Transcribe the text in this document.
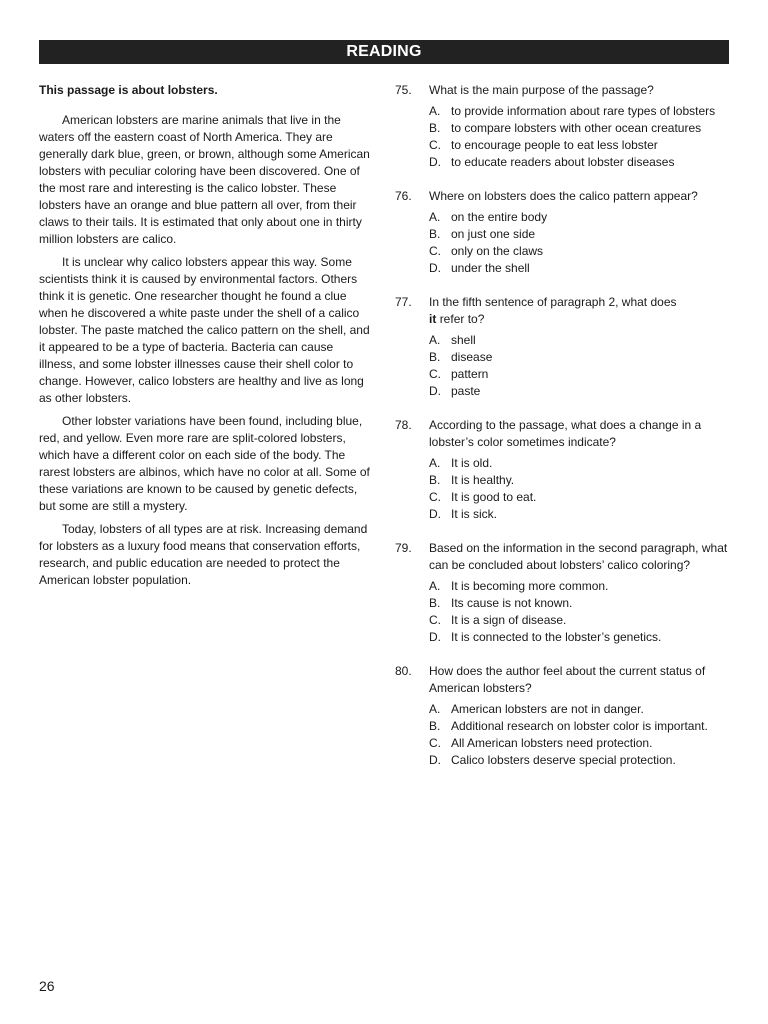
READING

This passage is about lobsters.

American lobsters are marine animals that live in the waters off the eastern coast of North America. They are generally dark blue, green, or brown, although some American lobsters with peculiar coloring have been discovered. One of the most rare and interesting is the calico lobster. These lobsters have an orange and blue pattern all over, from their claws to their tails. It is estimated that only about one in thirty million lobsters are calico.

It is unclear why calico lobsters appear this way. Some scientists think it is caused by environmental factors. Others think it is genetic. One researcher thought he found a clue when he discovered a white paste under the shell of a calico lobster. The paste matched the calico pattern on the shell, and it appeared to be a type of bacteria. Bacteria can cause illness, and some lobster illnesses cause their shell color to change. However, calico lobsters are healthy and live as long as other lobsters.

Other lobster variations have been found, including blue, red, and yellow. Even more rare are split-colored lobsters, which have a different color on each side of the body. The rarest lobsters are albinos, which have no color at all. Some of these variations are known to be caused by genetic defects, but some are still a mystery.

Today, lobsters of all types are at risk. Increasing demand for lobsters as a luxury food means that conservation efforts, research, and public education are needed to protect the American lobster population.

75.	What is the main purpose of the passage?
A. to provide information about rare types of lobsters
B. to compare lobsters with other ocean creatures
C. to encourage people to eat less lobster
D. to educate readers about lobster diseases
76.	Where on lobsters does the calico pattern appear?
A. on the entire body
B. on just one side
C. only on the claws
D. under the shell
77.	In the fifth sentence of paragraph 2, what does
it refer to?
A. shell
B. disease
C. pattern
D. paste
78.	According to the passage, what does a change in a lobster’s color sometimes indicate?
A. It is old.
B. It is healthy.
C. It is good to eat.
D. It is sick.
79.	Based on the information in the second paragraph, what can be concluded about lobsters’ calico coloring?
A. It is becoming more common.
B. Its cause is not known.
C. It is a sign of disease.
D. It is connected to the lobster’s genetics.
80.	How does the author feel about the current status of American lobsters?
A. American lobsters are not in danger.
B. Additional research on lobster color is important.
C. All American lobsters need protection.
D. Calico lobsters deserve special protection.
26
